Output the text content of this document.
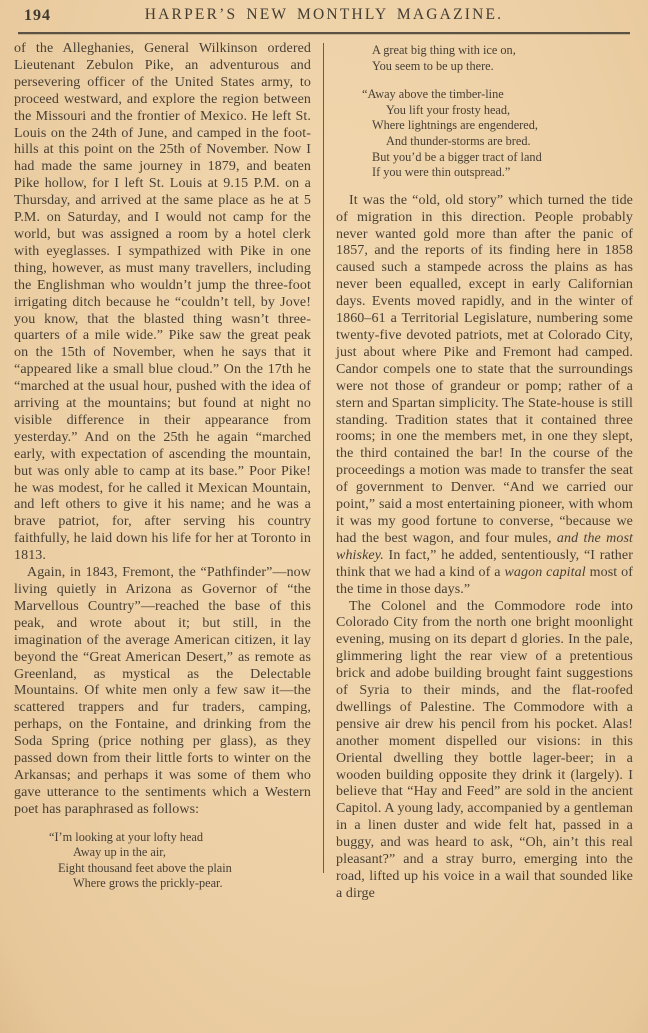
194	HARPER’S NEW MONTHLY MAGAZINE.

of the Alleghanies, General Wilkinson ordered Lieutenant Zebulon Pike, an adventurous and persevering officer of the United States army, to proceed westward, and explore the region between the Missouri and the frontier of Mexico. He left St. Louis on the 24th of June, and camped in the foot-hills at this point on the 25th of November. Now I had made the same journey in 1879, and beaten Pike hollow, for I left St. Louis at 9.15 P.M. on a Thursday, and arrived at the same place as he at 5 P.M. on Saturday, and I would not camp for the world, but was assigned a room by a hotel clerk with eyeglasses. I sympathized with Pike in one thing, however, as must many travellers, including the Englishman who wouldn’t jump the three-foot irrigating ditch because he “couldn’t tell, by Jove! you know, that the blasted thing wasn’t three-quarters of a mile wide.” Pike saw the great peak on the 15th of November, when he says that it “appeared like a small blue cloud.” On the 17th he “marched at the usual hour, pushed with the idea of arriving at the mountains; but found at night no visible difference in their appearance from yesterday.” And on the 25th he again “marched early, with expectation of ascending the mountain, but was only able to camp at its base.” Poor Pike! he was modest, for he called it Mexican Mountain, and left others to give it his name; and he was a brave patriot, for, after serving his country faithfully, he laid down his life for her at Toronto in 1813.

Again, in 1843, Fremont, the “Pathfinder”—now living quietly in Arizona as Governor of “the Marvellous Country”—reached the base of this peak, and wrote about it; but still, in the imagination of the average American citizen, it lay beyond the “Great American Desert,” as remote as Greenland, as mystical as the Delectable Mountains. Of white men only a few saw it—the scattered trappers and fur traders, camping, perhaps, on the Fontaine, and drinking from the Soda Spring (price nothing per glass), as they passed down from their little forts to winter on the Arkansas; and perhaps it was some of them who gave utterance to the sentiments which a Western poet has paraphrased as follows:

“I’m looking at your lofty head
Away up in the air,
Eight thousand feet above the plain
Where grows the prickly-pear.
A great big thing with ice on,
You seem to be up there.
“Away above the timber-line
You lift your frosty head,
Where lightnings are engendered,
And thunder-storms are bred.
But you’d be a bigger tract of land
If you were thin outspread.”

It was the “old, old story” which turned the tide of migration in this direction. People probably never wanted gold more than after the panic of 1857, and the reports of its finding here in 1858 caused such a stampede across the plains as has never been equalled, except in early Californian days. Events moved rapidly, and in the winter of 1860–61 a Territorial Legislature, numbering some twenty-five devoted patriots, met at Colorado City, just about where Pike and Fremont had camped. Candor compels one to state that the surroundings were not those of grandeur or pomp; rather of a stern and Spartan simplicity. The State-house is still standing. Tradition states that it contained three rooms; in one the members met, in one they slept, the third contained the bar! In the course of the proceedings a motion was made to transfer the seat of government to Denver. “And we carried our point,” said a most entertaining pioneer, with whom it was my good fortune to converse, “because we had the best wagon, and four mules, and the most whiskey. In fact,” he added, sententiously, “I rather think that we had a kind of a wagon capital most of the time in those days.”

The Colonel and the Commodore rode into Colorado City from the north one bright moonlight evening, musing on its depart d glories. In the pale, glimmering light the rear view of a pretentious brick and adobe building brought faint suggestions of Syria to their minds, and the flat-roofed dwellings of Palestine. The Commodore with a pensive air drew his pencil from his pocket. Alas! another moment dispelled our visions: in this Oriental dwelling they bottle lager-beer; in a wooden building opposite they drink it (largely). I believe that “Hay and Feed” are sold in the ancient Capitol. A young lady, accompanied by a gentleman in a linen duster and wide felt hat, passed in a buggy, and was heard to ask, “Oh, ain’t this real pleasant?” and a stray burro, emerging into the road, lifted up his voice in a wail that sounded like a dirge
